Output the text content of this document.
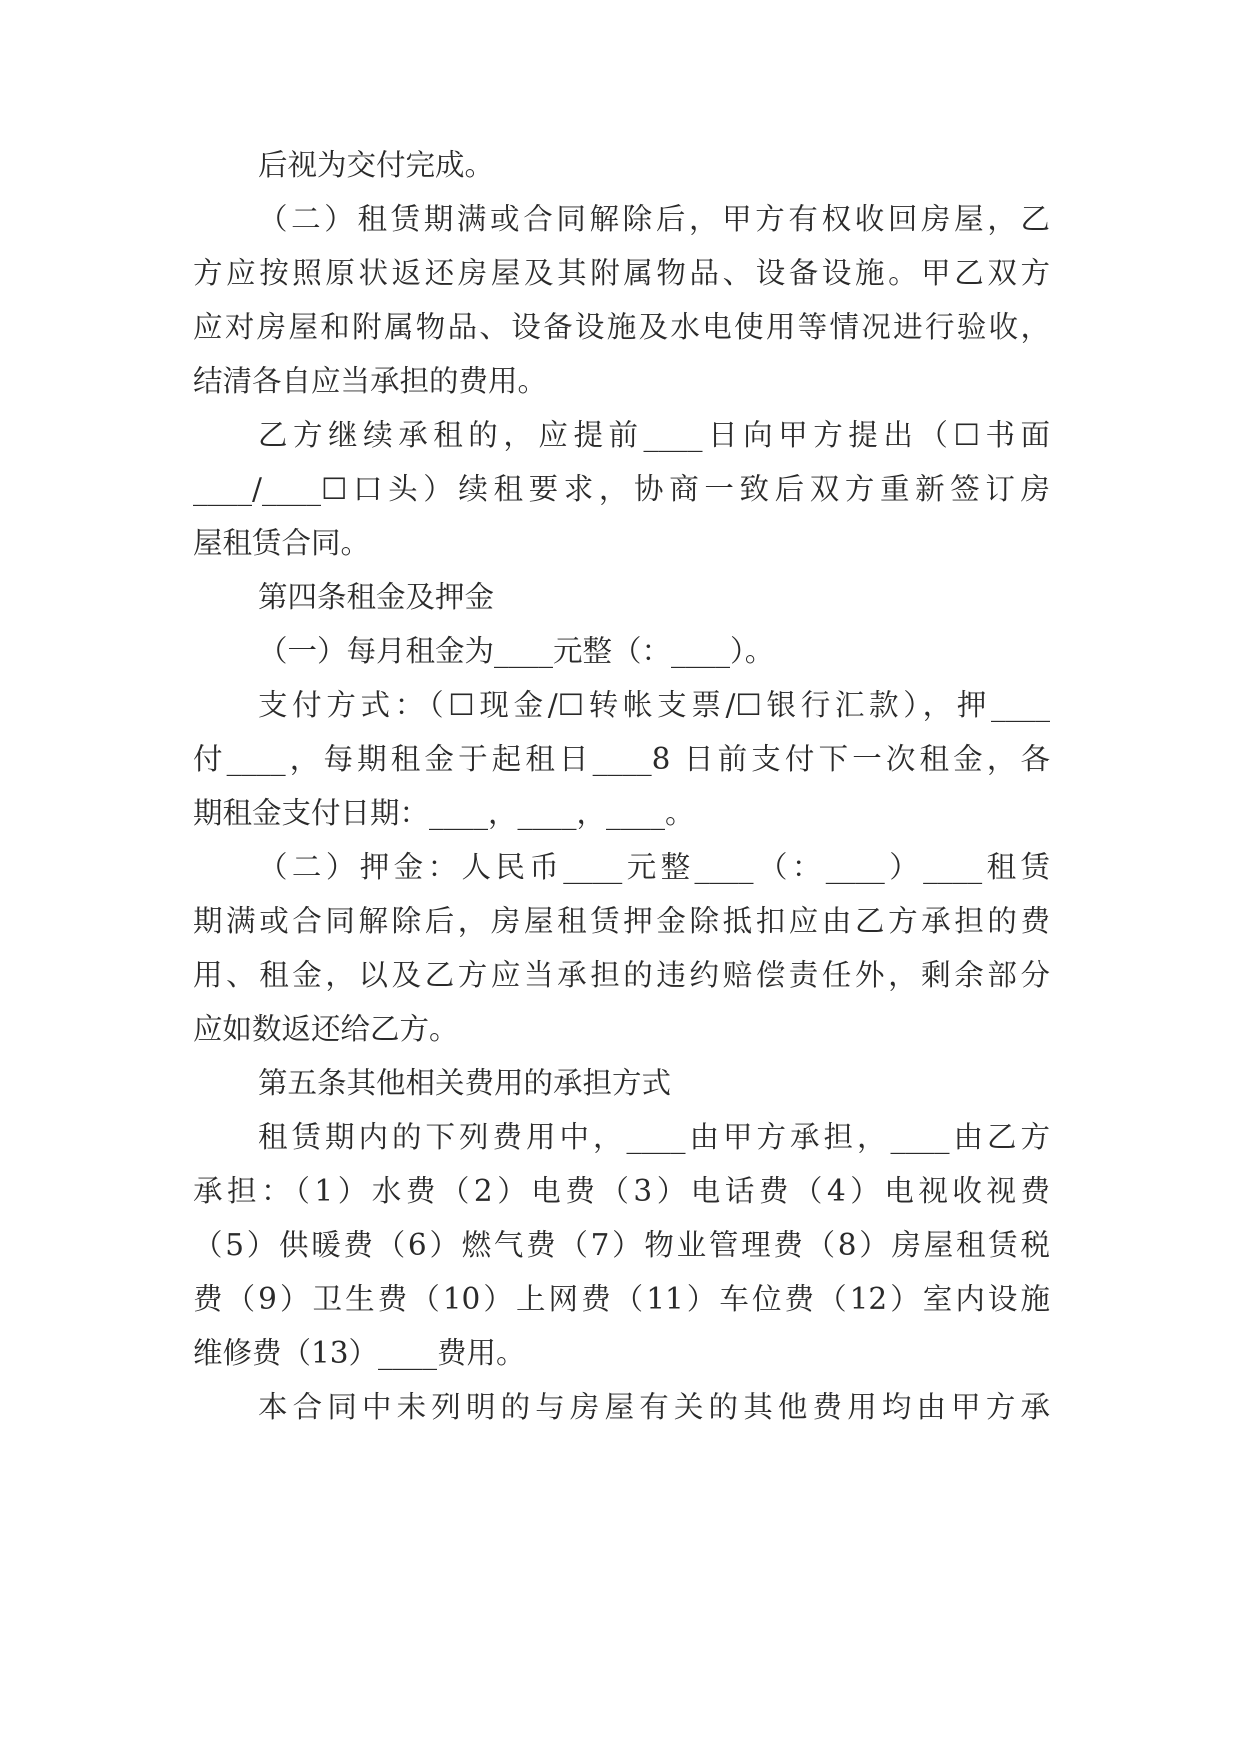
后视为交付完成。
（二）租赁期满或合同解除后，甲方有权收回房屋，乙
方应按照原状返还房屋及其附属物品、设备设施。甲乙双方
应对房屋和附属物品、设备设施及水电使用等情况进行验收，
结清各自应当承担的费用。
乙方继续承租的，应提前____日向甲方提出（☐书面
____/____☐口头）续租要求，协商一致后双方重新签订房
屋租赁合同。
第四条租金及押金
（一）每月租金为____元整（：____）。
支付方式：（☐现金/☐转帐支票/☐银行汇款），押____
付____，每期租金于起租日____8 日前支付下一次租金，各
期租金支付日期：____，____，____。
（二）押金：人民币____元整____（：____）____租赁
期满或合同解除后，房屋租赁押金除抵扣应由乙方承担的费
用、租金，以及乙方应当承担的违约赔偿责任外，剩余部分
应如数返还给乙方。
第五条其他相关费用的承担方式
租赁期内的下列费用中，____由甲方承担，____由乙方
承担：（1）水费（2）电费（3）电话费（4）电视收视费
（5）供暖费（6）燃气费（7）物业管理费（8）房屋租赁税
费（9）卫生费（10）上网费（11）车位费（12）室内设施
维修费（13）____费用。
本合同中未列明的与房屋有关的其他费用均由甲方承
